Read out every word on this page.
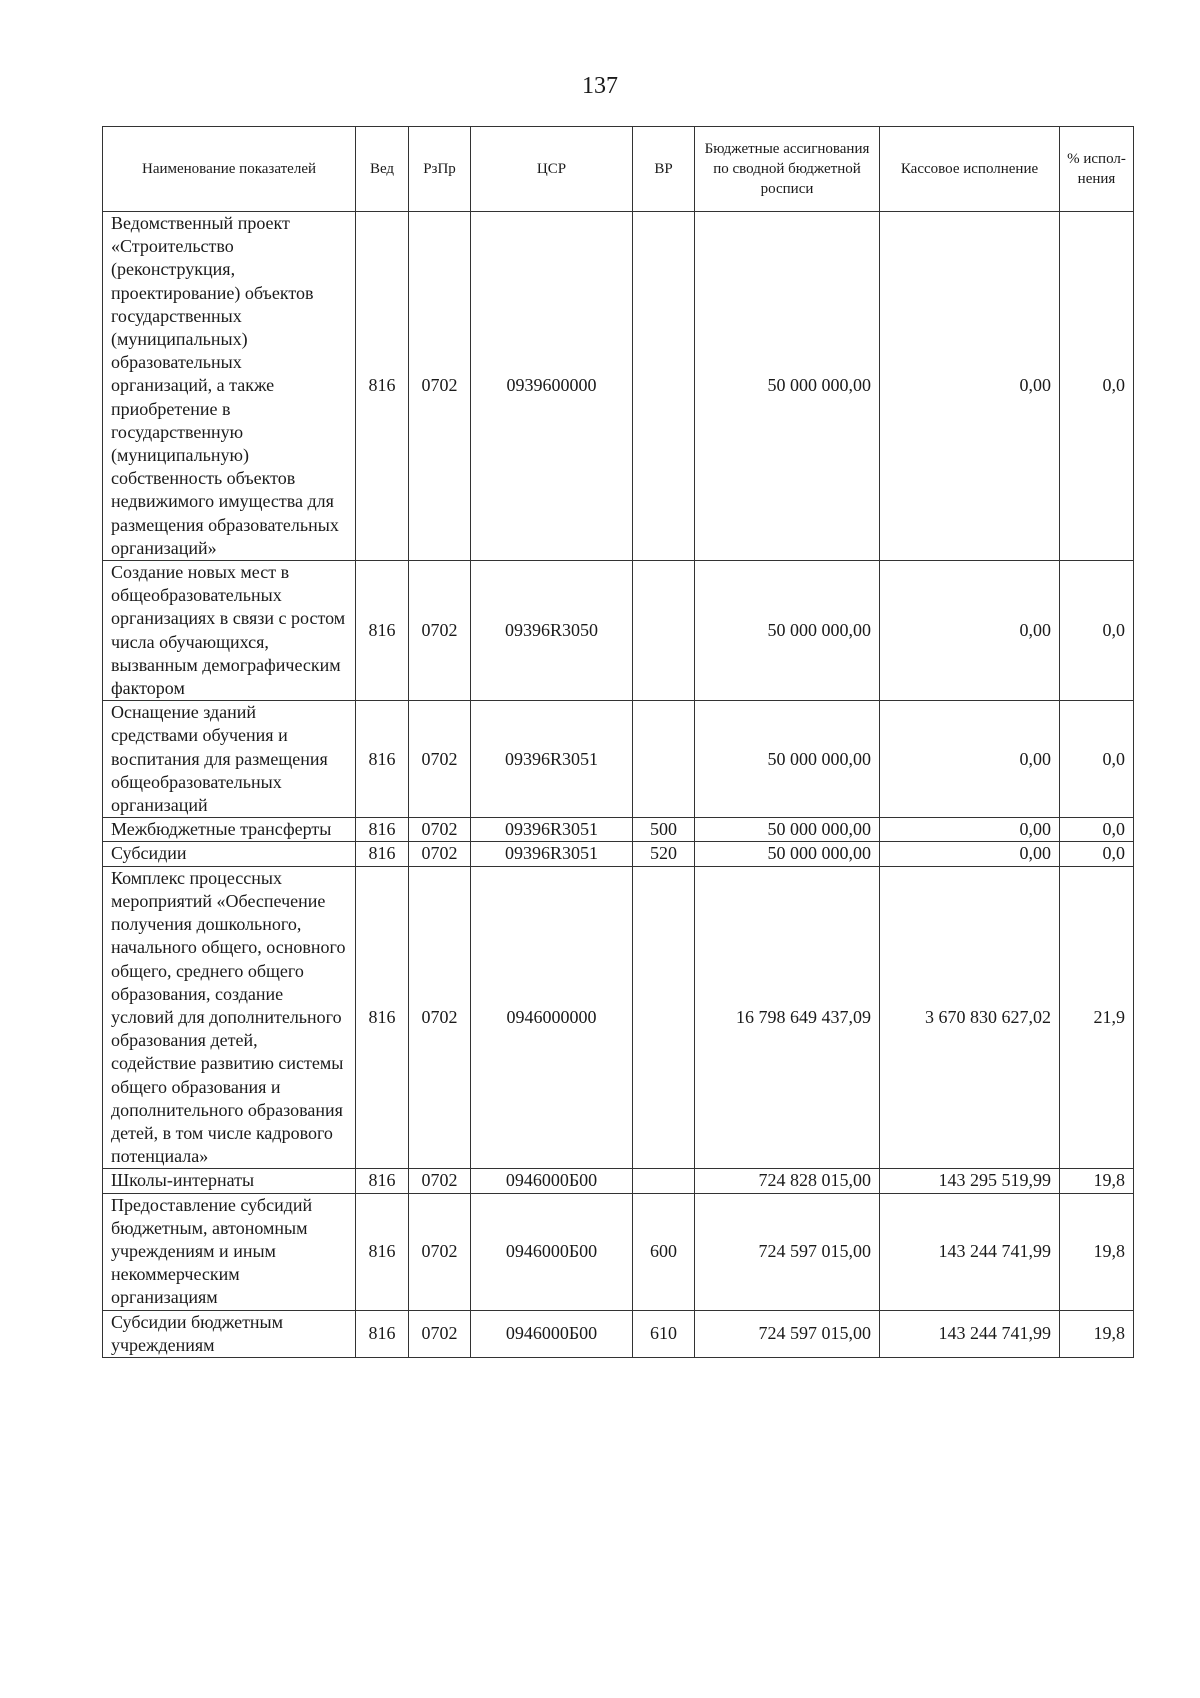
137
Наименование показателей	Вед	РзПр	ЦСР	ВР	Бюджетные ассигнования по сводной бюджетной росписи	Кассовое исполнение	% испол-нения
Ведомственный проект «Строительство (реконструкция, проектирование) объектов государственных (муниципальных) образовательных организаций, а также приобретение в государственную (муниципальную) собственность объектов недвижимого имущества для размещения образовательных организаций»	816	0702	0939600000		50 000 000,00	0,00	0,0
Создание новых мест в общеобразовательных организациях в связи с ростом числа обучающихся, вызванным демографическим фактором	816	0702	09396R3050		50 000 000,00	0,00	0,0
Оснащение зданий средствами обучения и воспитания для размещения общеобразовательных организаций	816	0702	09396R3051		50 000 000,00	0,00	0,0
Межбюджетные трансферты	816	0702	09396R3051	500	50 000 000,00	0,00	0,0
Субсидии	816	0702	09396R3051	520	50 000 000,00	0,00	0,0
Комплекс процессных мероприятий «Обеспечение получения дошкольного, начального общего, основного общего, среднего общего образования, создание условий для дополнительного образования детей, содействие развитию системы общего образования и дополнительного образования детей, в том числе кадрового потенциала»	816	0702	0946000000		16 798 649 437,09	3 670 830 627,02	21,9
Школы-интернаты	816	0702	0946000Б00		724 828 015,00	143 295 519,99	19,8
Предоставление субсидий бюджетным, автономным учреждениям и иным некоммерческим организациям	816	0702	0946000Б00	600	724 597 015,00	143 244 741,99	19,8
Субсидии бюджетным учреждениям	816	0702	0946000Б00	610	724 597 015,00	143 244 741,99	19,8
